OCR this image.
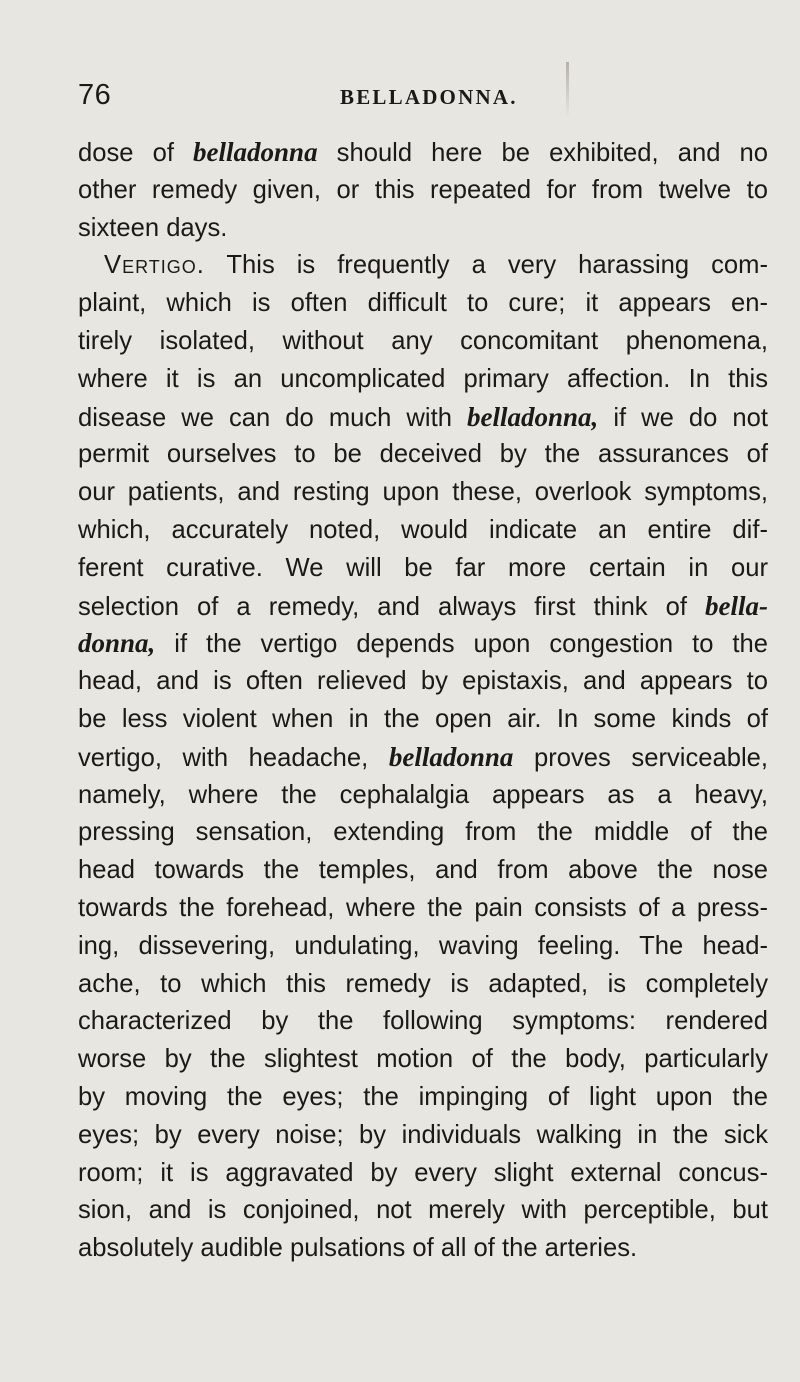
76	BELLADONNA.
dose of belladonna should here be exhibited, and no
other remedy given, or this repeated for from twelve to
sixteen days.
Vertigo. This is frequently a very harassing com-
plaint, which is often difficult to cure; it appears en-
tirely isolated, without any concomitant phenomena,
where it is an uncomplicated primary affection. In this
disease we can do much with belladonna, if we do not
permit ourselves to be deceived by the assurances of
our patients, and resting upon these, overlook symptoms,
which, accurately noted, would indicate an entire dif-
ferent curative. We will be far more certain in our
selection of a remedy, and always first think of bella-
donna, if the vertigo depends upon congestion to the
head, and is often relieved by epistaxis, and appears to
be less violent when in the open air. In some kinds of
vertigo, with headache, belladonna proves serviceable,
namely, where the cephalalgia appears as a heavy,
pressing sensation, extending from the middle of the
head towards the temples, and from above the nose
towards the forehead, where the pain consists of a press-
ing, dissevering, undulating, waving feeling. The head-
ache, to which this remedy is adapted, is completely
characterized by the following symptoms: rendered
worse by the slightest motion of the body, particularly
by moving the eyes; the impinging of light upon the
eyes; by every noise; by individuals walking in the sick
room; it is aggravated by every slight external concus-
sion, and is conjoined, not merely with perceptible, but
absolutely audible pulsations of all of the arteries.
